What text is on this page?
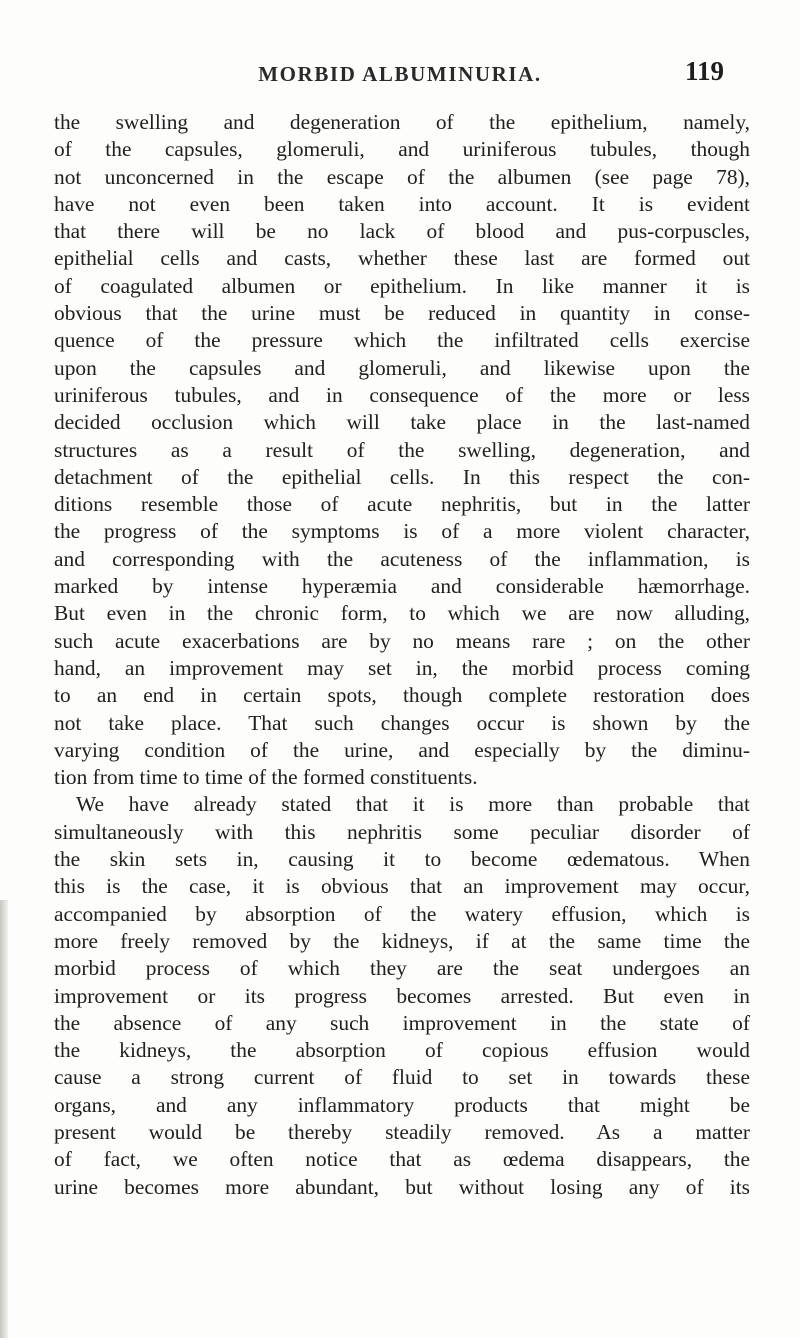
MORBID ALBUMINURIA.	119
the swelling and degeneration of the epithelium, namely,
of the capsules, glomeruli, and uriniferous tubules, though
not unconcerned in the escape of the albumen (see page 78),
have not even been taken into account. It is evident
that there will be no lack of blood and pus-corpuscles,
epithelial cells and casts, whether these last are formed out
of coagulated albumen or epithelium. In like manner it is
obvious that the urine must be reduced in quantity in conse-
quence of the pressure which the infiltrated cells exercise
upon the capsules and glomeruli, and likewise upon the
uriniferous tubules, and in consequence of the more or less
decided occlusion which will take place in the last-named
structures as a result of the swelling, degeneration, and
detachment of the epithelial cells. In this respect the con-
ditions resemble those of acute nephritis, but in the latter
the progress of the symptoms is of a more violent character,
and corresponding with the acuteness of the inflammation, is
marked by intense hyperæmia and considerable hæmorrhage.
But even in the chronic form, to which we are now alluding,
such acute exacerbations are by no means rare ; on the other
hand, an improvement may set in, the morbid process coming
to an end in certain spots, though complete restoration does
not take place. That such changes occur is shown by the
varying condition of the urine, and especially by the diminu-
tion from time to time of the formed constituents.
We have already stated that it is more than probable that
simultaneously with this nephritis some peculiar disorder of
the skin sets in, causing it to become œdematous. When
this is the case, it is obvious that an improvement may occur,
accompanied by absorption of the watery effusion, which is
more freely removed by the kidneys, if at the same time the
morbid process of which they are the seat undergoes an
improvement or its progress becomes arrested. But even in
the absence of any such improvement in the state of
the kidneys, the absorption of copious effusion would
cause a strong current of fluid to set in towards these
organs, and any inflammatory products that might be
present would be thereby steadily removed. As a matter
of fact, we often notice that as œdema disappears, the
urine becomes more abundant, but without losing any of its
